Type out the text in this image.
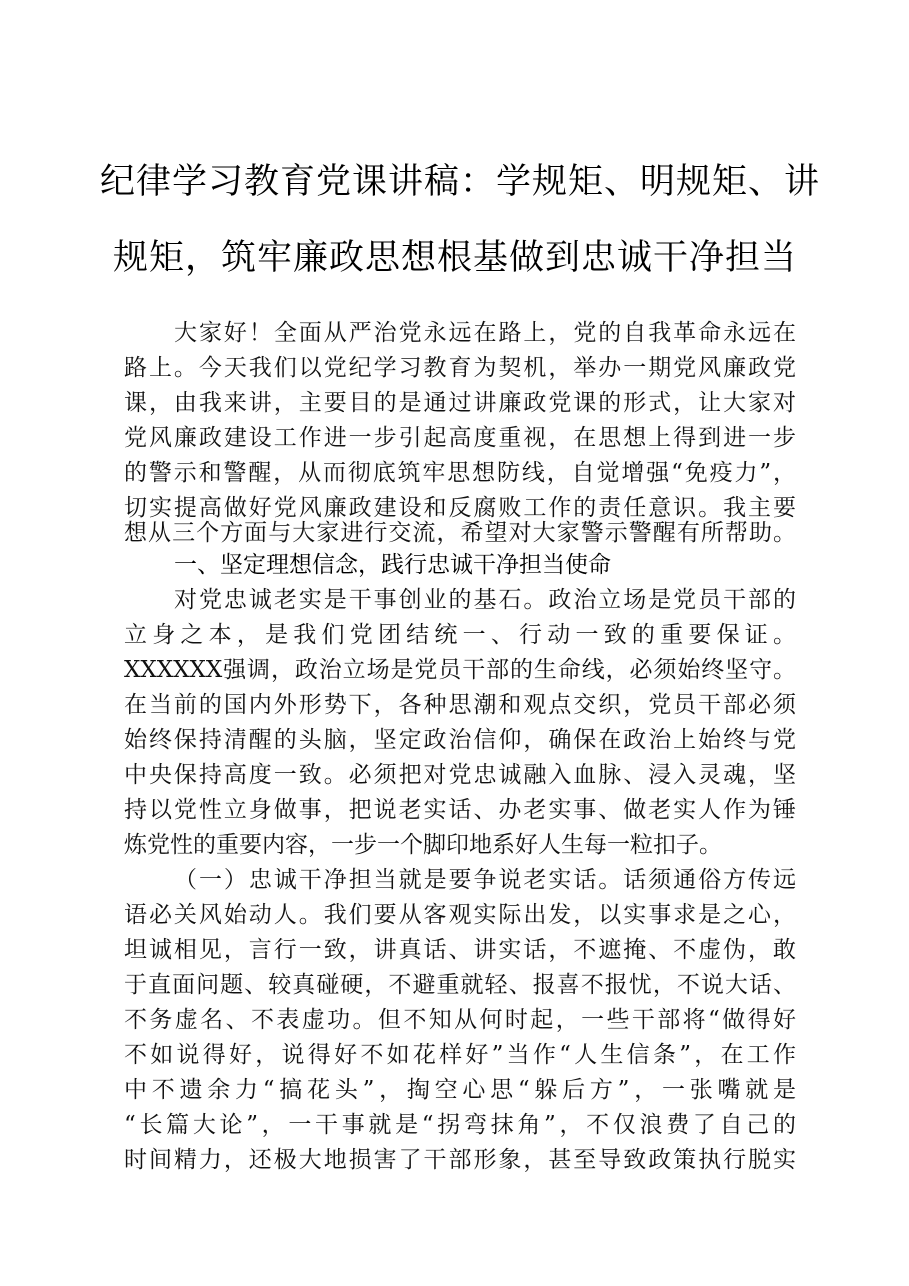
纪律学习教育党课讲稿：学规矩、明规矩、讲
规矩，筑牢廉政思想根基做到忠诚干净担当
大家好！全面从严治党永远在路上，党的自我革命永远在
路上。今天我们以党纪学习教育为契机，举办一期党风廉政党
课，由我来讲，主要目的是通过讲廉政党课的形式，让大家对
党风廉政建设工作进一步引起高度重视，在思想上得到进一步
的警示和警醒，从而彻底筑牢思想防线，自觉增强“免疫力”，
切实提高做好党风廉政建设和反腐败工作的责任意识。我主要
想从三个方面与大家进行交流，希望对大家警示警醒有所帮助。
一、坚定理想信念，践行忠诚干净担当使命
对党忠诚老实是干事创业的基石。政治立场是党员干部的
立身之本，是我们党团结统一、行动一致的重要保证。
XXXXXX强调，政治立场是党员干部的生命线，必须始终坚守。
在当前的国内外形势下，各种思潮和观点交织，党员干部必须
始终保持清醒的头脑，坚定政治信仰，确保在政治上始终与党
中央保持高度一致。必须把对党忠诚融入血脉、浸入灵魂，坚
持以党性立身做事，把说老实话、办老实事、做老实人作为锤
炼党性的重要内容，一步一个脚印地系好人生每一粒扣子。
（一）忠诚干净担当就是要争说老实话。话须通俗方传远
语必关风始动人。我们要从客观实际出发，以实事求是之心，
坦诚相见，言行一致，讲真话、讲实话，不遮掩、不虚伪，敢
于直面问题、较真碰硬，不避重就轻、报喜不报忧，不说大话、
不务虚名、不表虚功。但不知从何时起，一些干部将“做得好
不如说得好，说得好不如花样好”当作“人生信条”，在工作
中不遗余力“搞花头”，掏空心思“躲后方”，一张嘴就是
“长篇大论”，一干事就是“拐弯抹角”，不仅浪费了自己的
时间精力，还极大地损害了干部形象，甚至导致政策执行脱实
